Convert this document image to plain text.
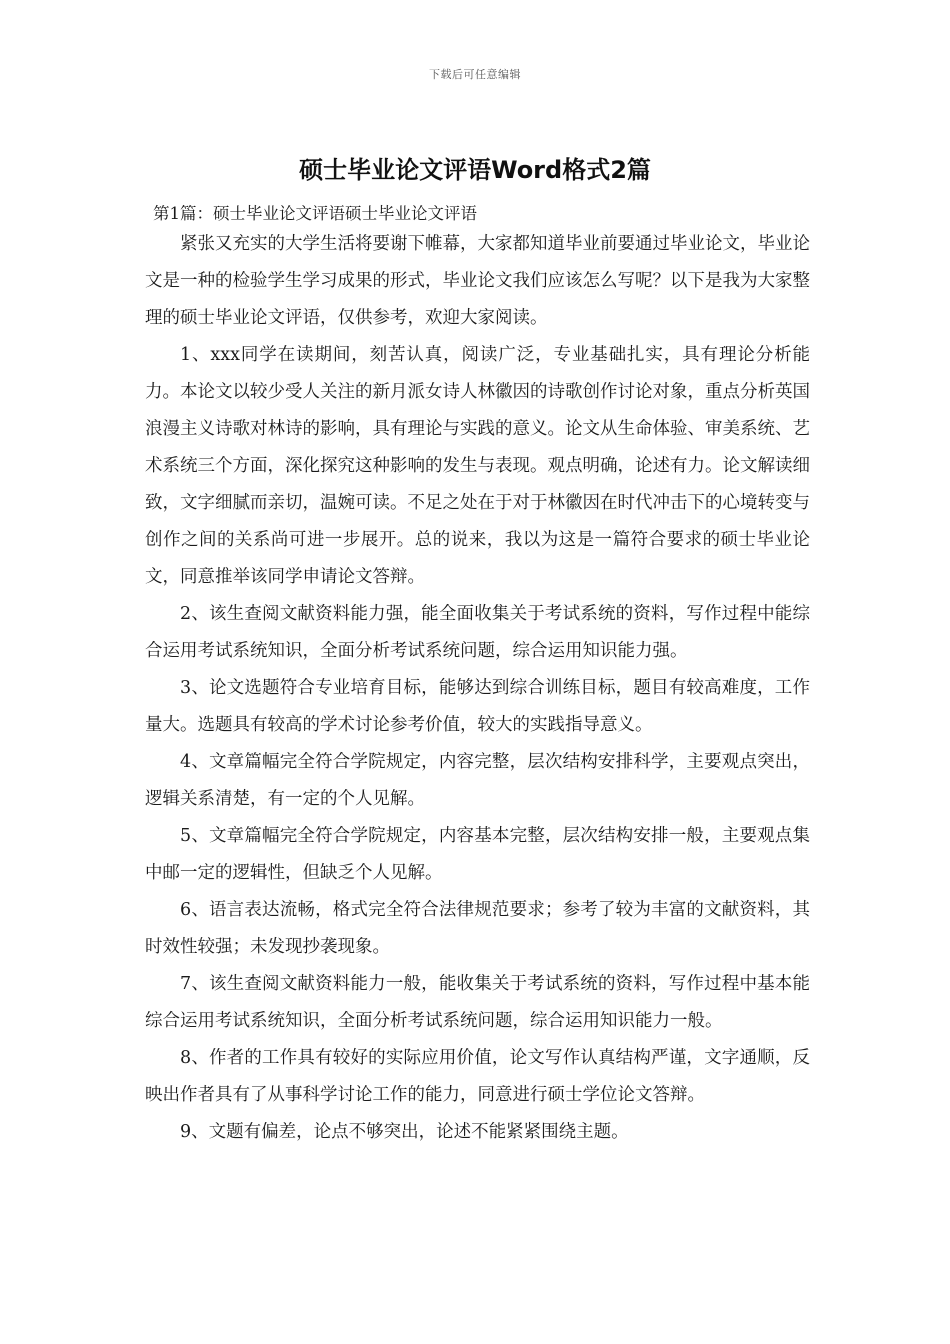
下载后可任意编辑
硕士毕业论文评语Word格式2篇
第1篇：硕士毕业论文评语硕士毕业论文评语

紧张又充实的大学生活将要谢下帷幕，大家都知道毕业前要通过毕业论文，毕业论文是一种的检验学生学习成果的形式，毕业论文我们应该怎么写呢？以下是我为大家整理的硕士毕业论文评语，仅供参考，欢迎大家阅读。

1、xxx同学在读期间，刻苦认真，阅读广泛，专业基础扎实，具有理论分析能力。本论文以较少受人关注的新月派女诗人林徽因的诗歌创作讨论对象，重点分析英国浪漫主义诗歌对林诗的影响，具有理论与实践的意义。论文从生命体验、审美系统、艺术系统三个方面，深化探究这种影响的发生与表现。观点明确，论述有力。论文解读细致，文字细腻而亲切，温婉可读。不足之处在于对于林徽因在时代冲击下的心境转变与创作之间的关系尚可进一步展开。总的说来，我以为这是一篇符合要求的硕士毕业论文，同意推举该同学申请论文答辩。

2、该生查阅文献资料能力强，能全面收集关于考试系统的资料，写作过程中能综合运用考试系统知识，全面分析考试系统问题，综合运用知识能力强。

3、论文选题符合专业培育目标，能够达到综合训练目标，题目有较高难度，工作量大。选题具有较高的学术讨论参考价值，较大的实践指导意义。

4、文章篇幅完全符合学院规定，内容完整，层次结构安排科学，主要观点突出，逻辑关系清楚，有一定的个人见解。

5、文章篇幅完全符合学院规定，内容基本完整，层次结构安排一般，主要观点集中邮一定的逻辑性，但缺乏个人见解。

6、语言表达流畅，格式完全符合法律规范要求；参考了较为丰富的文献资料，其时效性较强；未发现抄袭现象。

7、该生查阅文献资料能力一般，能收集关于考试系统的资料，写作过程中基本能综合运用考试系统知识，全面分析考试系统问题，综合运用知识能力一般。

8、作者的工作具有较好的实际应用价值，论文写作认真结构严谨，文字通顺，反映出作者具有了从事科学讨论工作的能力，同意进行硕士学位论文答辩。

9、文题有偏差，论点不够突出，论述不能紧紧围绕主题。
